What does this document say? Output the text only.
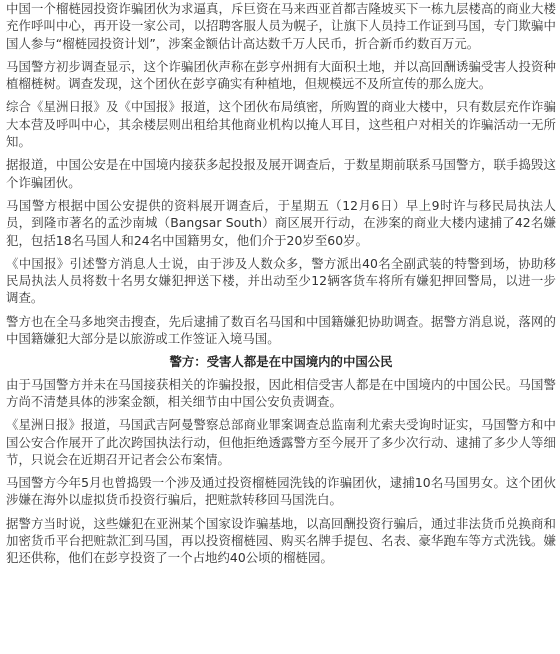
中国一个榴梿园投资诈骗团伙为求逼真，斥巨资在马来西亚首都吉隆坡买下一栋九层楼高的商业大楼充作呼叫中心，再开设一家公司，以招聘客服人员为幌子，让旗下人员持工作证到马国，专门欺骗中国人参与“榴梿园投资计划”，涉案金额估计高达数千万人民币，折合新币约数百万元。

马国警方初步调查显示，这个诈骗团伙声称在彭亨州拥有大面积土地，并以高回酬诱骗受害人投资种植榴梿树。调查发现，这个团伙在彭亨确实有种植地，但规模远不及所宣传的那么庞大。

综合《星洲日报》及《中国报》报道，这个团伙布局缜密，所购置的商业大楼中，只有数层充作诈骗大本营及呼叫中心，其余楼层则出租给其他商业机构以掩人耳目，这些租户对相关的诈骗活动一无所知。

据报道，中国公安是在中国境内接获多起投报及展开调查后，于数星期前联系马国警方，联手捣毁这个诈骗团伙。

马国警方根据中国公安提供的资料展开调查后，于星期五（12月6日）早上9时许与移民局执法人员，到隆市著名的孟沙南城（Bangsar South）商区展开行动，在涉案的商业大楼内逮捕了42名嫌犯，包括18名马国人和24名中国籍男女，他们介于20岁至60岁。

《中国报》引述警方消息人士说，由于涉及人数众多，警方派出40名全副武装的特警到场，协助移民局执法人员将数十名男女嫌犯押送下楼，并出动至少12辆客货车将所有嫌犯押回警局，以进一步调查。

警方也在全马多地突击搜查，先后逮捕了数百名马国和中国籍嫌犯协助调查。据警方消息说，落网的中国籍嫌犯大部分是以旅游或工作签证入境马国。

警方：受害人都是在中国境内的中国公民

由于马国警方并未在马国接获相关的诈骗投报，因此相信受害人都是在中国境内的中国公民。马国警方尚不清楚具体的涉案金额，相关细节由中国公安负责调查。

《星洲日报》报道，马国武吉阿曼警察总部商业罪案调查总监南利尤索夫受询时证实，马国警方和中国公安合作展开了此次跨国执法行动，但他拒绝透露警方至今展开了多少次行动、逮捕了多少人等细节，只说会在近期召开记者会公布案情。

马国警方今年5月也曾捣毁一个涉及通过投资榴梿园洗钱的诈骗团伙，逮捕10名马国男女。这个团伙涉嫌在海外以虚拟货币投资行骗后，把赃款转移回马国洗白。

据警方当时说，这些嫌犯在亚洲某个国家设诈骗基地，以高回酬投资行骗后，通过非法货币兑换商和加密货币平台把赃款汇到马国，再以投资榴梿园、购买名牌手提包、名表、豪华跑车等方式洗钱。嫌犯还供称，他们在彭亨投资了一个占地约40公顷的榴梿园。
